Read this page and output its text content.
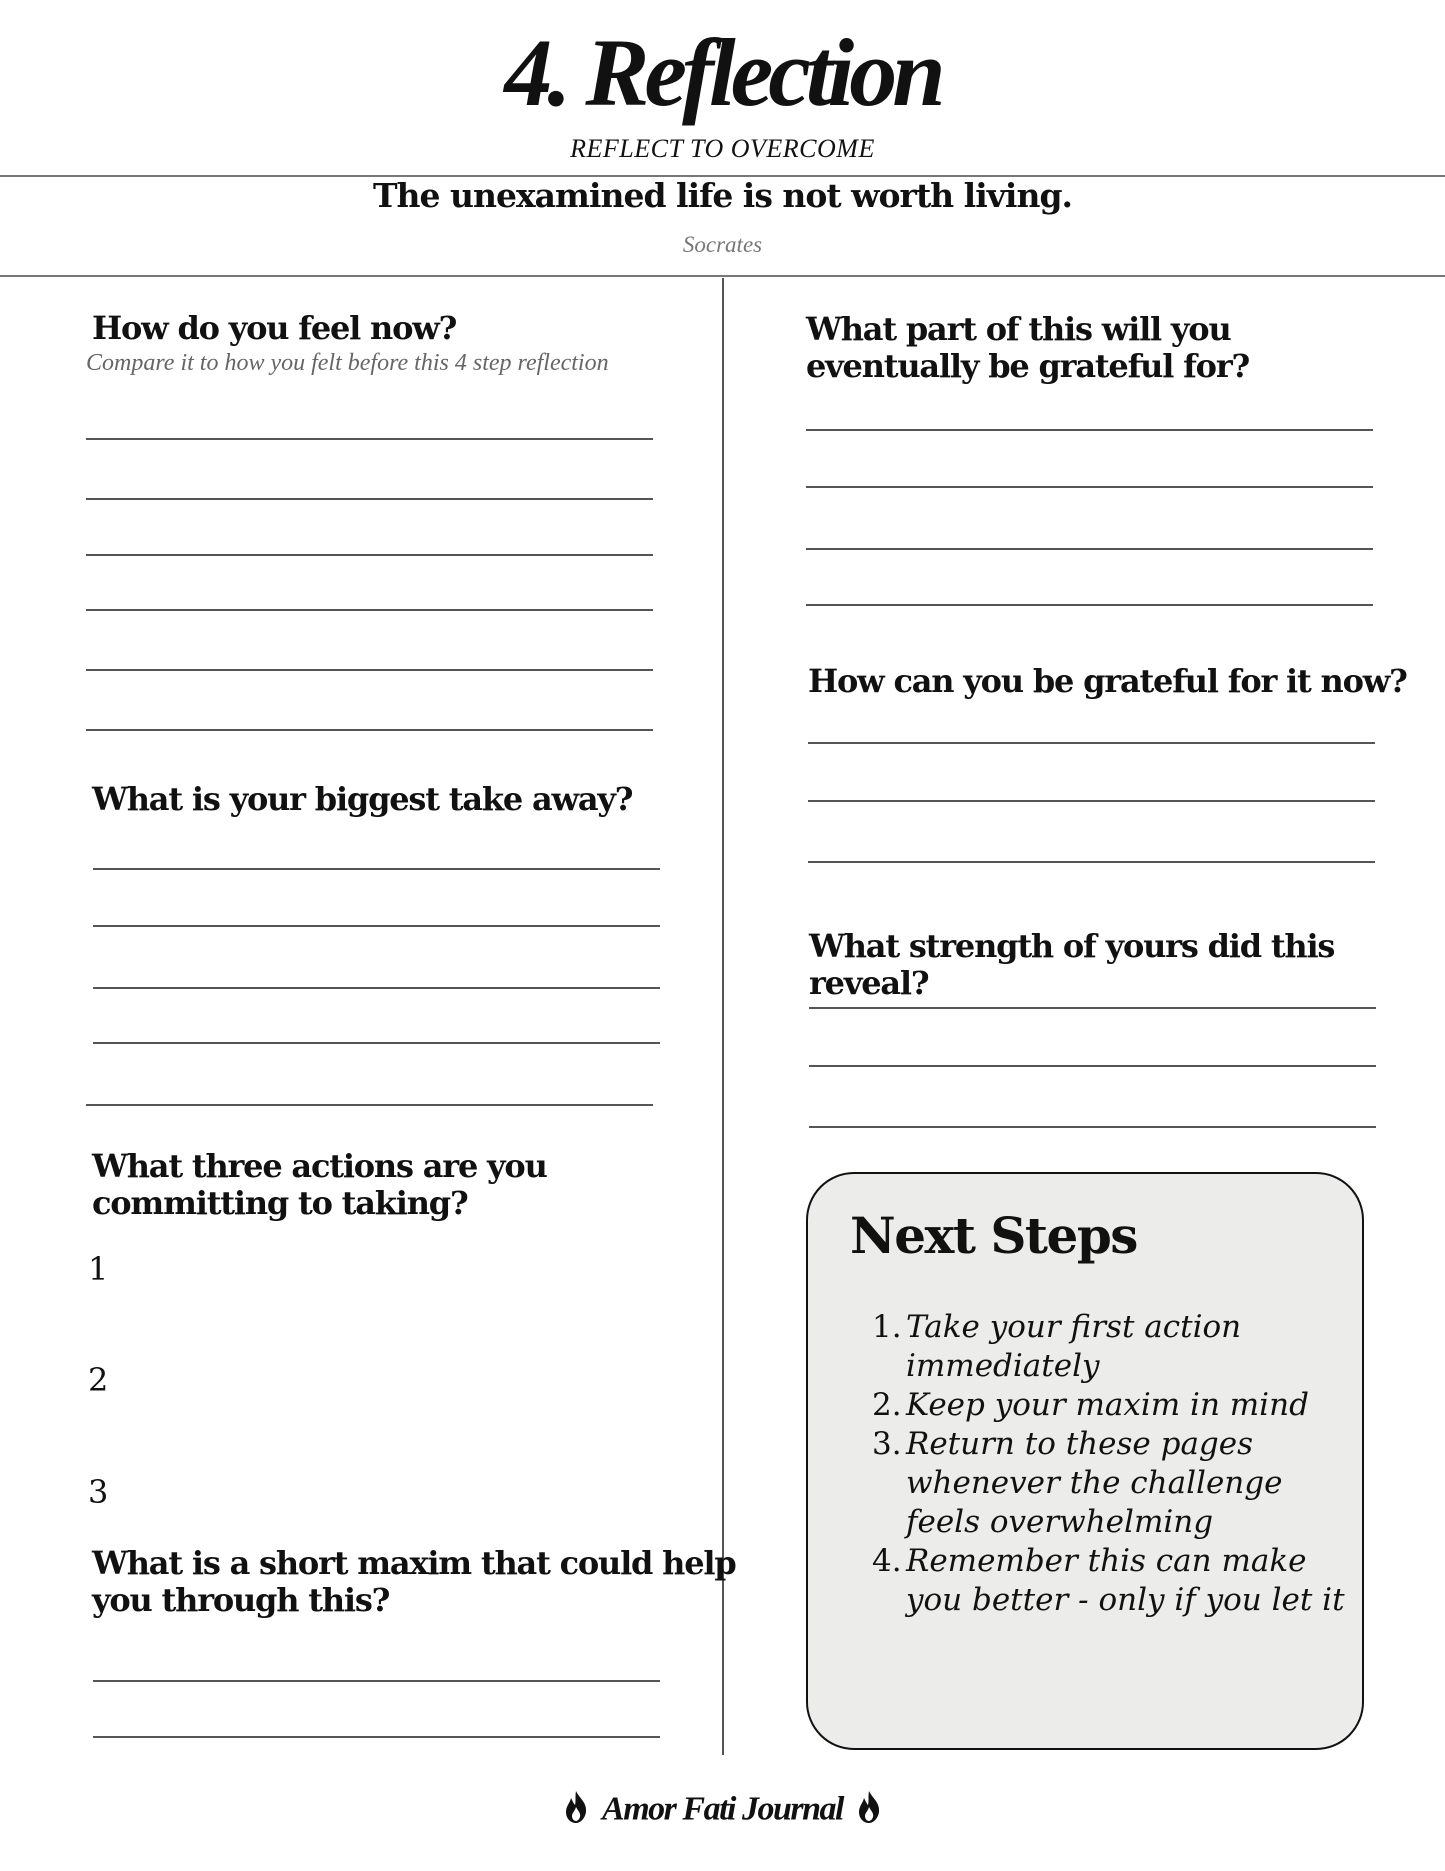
4. Reflection
REFLECT TO OVERCOME
The unexamined life is not worth living.
Socrates
How do you feel now?
Compare it to how you felt before this 4 step reflection
What is your biggest take away?
What three actions are you
committing to taking?
1
2
3
What is a short maxim that could help
you through this?
What part of this will you
eventually be grateful for?
How can you be grateful for it now?
What strength of yours did this reveal?
Next Steps
1. Take your first action immediately
2. Keep your maxim in mind
3. Return to these pages whenever the challenge feels overwhelming
4. Remember this can make you better - only if you let it
Amor Fati Journal
